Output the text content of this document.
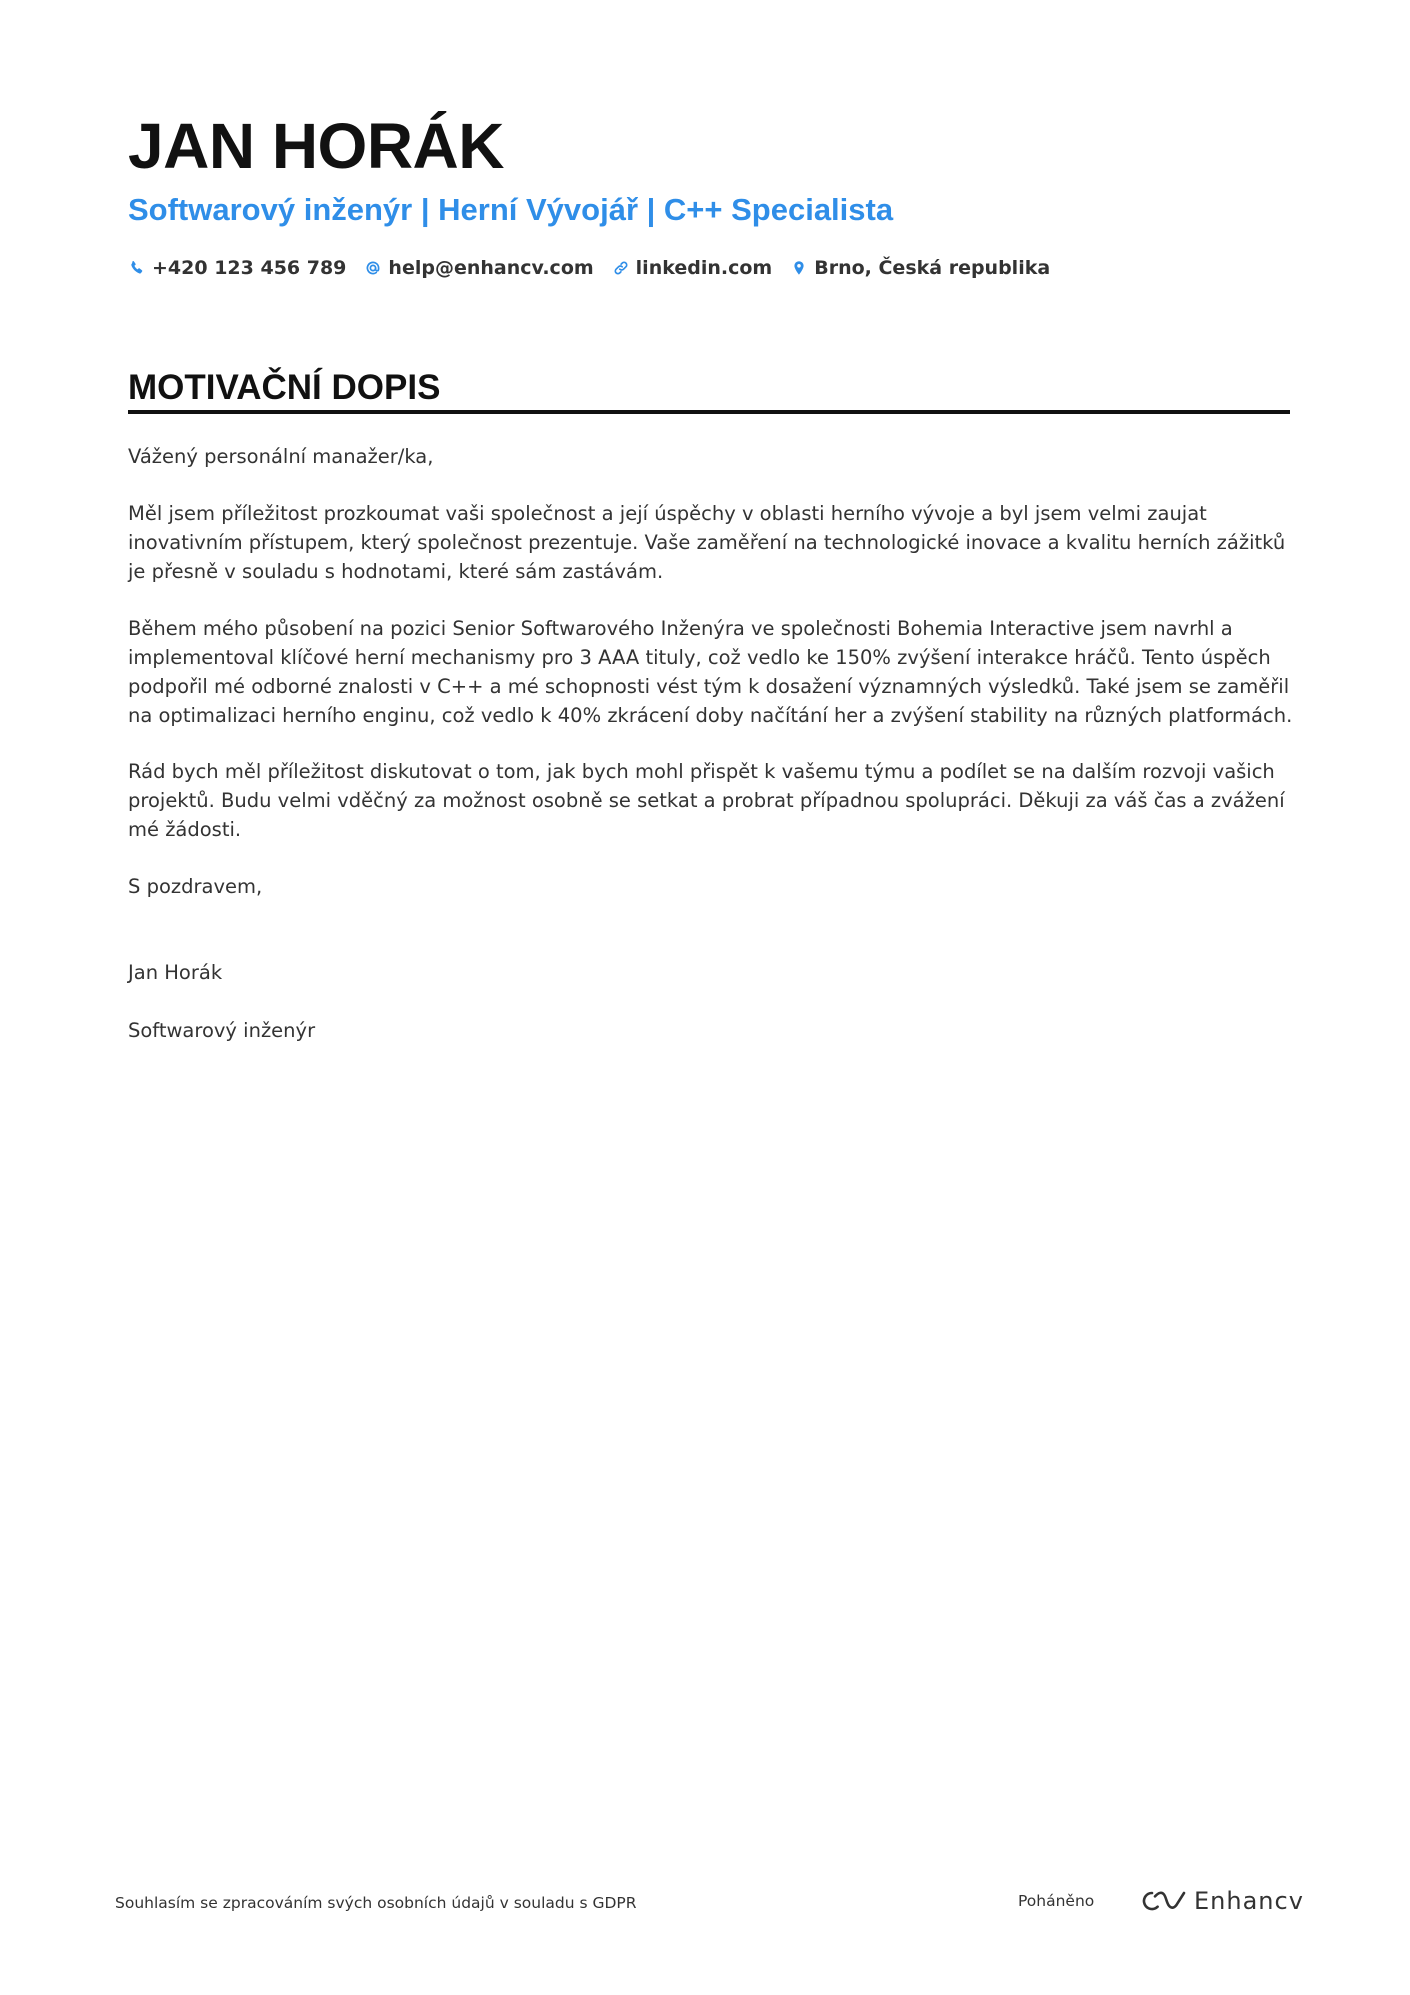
JAN HORÁK
Softwarový inženýr | Herní Vývojář | C++ Specialista
+420 123 456 789 help@enhancv.com linkedin.com Brno, Česká republika
MOTIVAČNÍ DOPIS

Vážený personální manažer/ka,

Měl jsem příležitost prozkoumat vaši společnost a její úspěchy v oblasti herního vývoje a byl jsem velmi zaujat inovativním přístupem, který společnost prezentuje. Vaše zaměření na technologické inovace a kvalitu herních zážitků je přesně v souladu s hodnotami, které sám zastávám.

Během mého působení na pozici Senior Softwarového Inženýra ve společnosti Bohemia Interactive jsem navrhl a implementoval klíčové herní mechanismy pro 3 AAA tituly, což vedlo ke 150% zvýšení interakce hráčů. Tento úspěch podpořil mé odborné znalosti v C++ a mé schopnosti vést tým k dosažení významných výsledků. Také jsem se zaměřil na optimalizaci herního enginu, což vedlo k 40% zkrácení doby načítání her a zvýšení stability na různých platformách.

Rád bych měl příležitost diskutovat o tom, jak bych mohl přispět k vašemu týmu a podílet se na dalším rozvoji vašich projektů. Budu velmi vděčný za možnost osobně se setkat a probrat případnou spolupráci. Děkuji za váš čas a zvážení mé žádosti.

S pozdravem,

Jan Horák

Softwarový inženýr

Souhlasím se zpracováním svých osobních údajů v souladu s GDPR	Poháněno	Enhancv
